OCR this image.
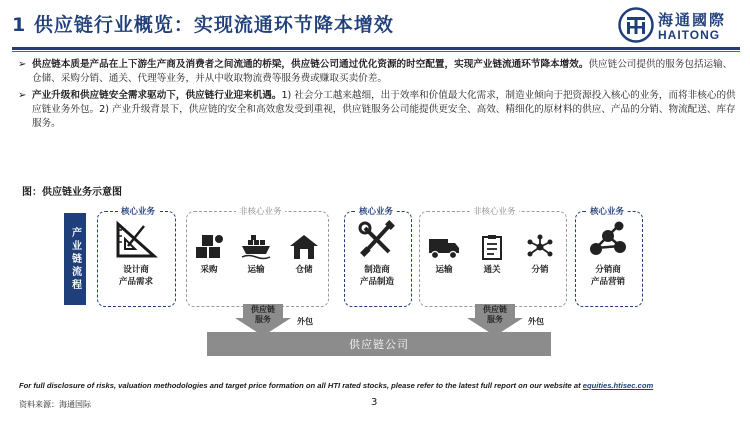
1 供应链行业概览：实现流通环节降本增效	海通國際
HAITONG
➢ 供应链本质是产品在上下游生产商及消费者之间流通的桥梁，供应链公司通过优化资源的时空配置，实现产业链流通环节降本增效。供应链公司提供的服务包括运输、仓储、采购分销、通关、代理等业务，并从中收取物流费等服务费或赚取买卖价差。
➢ 产业升级和供应链安全需求驱动下，供应链行业迎来机遇。1) 社会分工越来越细，出于效率和价值最大化需求，制造业倾向于把资源投入核心的业务，而将非核心的供应链业务外包。2) 产业升级背景下，供应链的安全和高效愈发受到重视，供应链服务公司能提供更安全、高效、精细化的原材料的供应、产品的分销、物流配送、库存服务。
图：供应链业务示意图
产业链流程
核心业务
设计商
产品需求
非核心业务
采购	运输	仓储
核心业务
制造商
产品制造
非核心业务
运输	通关	分销
核心业务
分销商
产品营销
供应链
服务	外包
供应链
服务	外包
供应链公司
For full disclosure of risks, valuation methodologies and target price formation on all HTI rated stocks, please refer to the latest full report on our website at equities.htisec.com
资料来源：海通国际	3
